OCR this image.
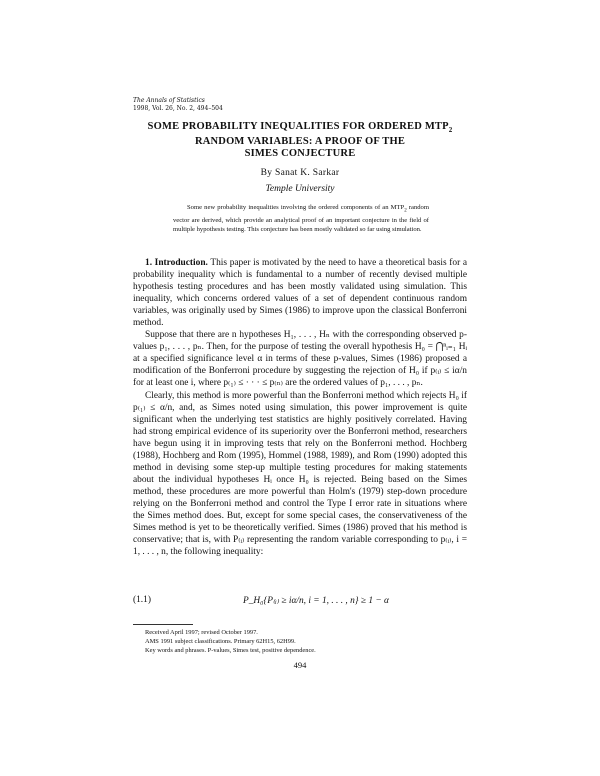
The Annals of Statistics
1998, Vol. 26, No. 2, 494–504
SOME PROBABILITY INEQUALITIES FOR ORDERED $MTP_2$
RANDOM VARIABLES: A PROOF OF THE
SIMES CONJECTURE
By Sanat K. Sarkar
Temple University
Some new probability inequalities involving the ordered components of an $MTP_2$ random vector are derived, which provide an analytical proof of an important conjecture in the field of multiple hypothesis testing. This conjecture has been mostly validated so far using simulation.

1. Introduction. This paper is motivated by the need to have a theoretical basis for a probability inequality which is fundamental to a number of recently devised multiple hypothesis testing procedures and has been mostly validated using simulation. This inequality, which concerns ordered values of a set of dependent continuous random variables, was originally used by Simes (1986) to improve upon the classical Bonferroni method.

Suppose that there are n hypotheses H₁, . . . , Hₙ with the corresponding observed p-values p₁, . . . , pₙ. Then, for the purpose of testing the overall hypothesis H₀ = ⋂ⁿᵢ₌₁ Hᵢ at a specified significance level α in terms of these p-values, Simes (1986) proposed a modification of the Bonferroni procedure by suggesting the rejection of H₀ if p₍ᵢ₎ ≤ iα/n for at least one i, where p₍₁₎ ≤ · · · ≤ p₍ₙ₎ are the ordered values of p₁, . . . , pₙ.

Clearly, this method is more powerful than the Bonferroni method which rejects H₀ if p₍₁₎ ≤ α/n, and, as Simes noted using simulation, this power improvement is quite significant when the underlying test statistics are highly positively correlated. Having had strong empirical evidence of its superiority over the Bonferroni method, researchers have begun using it in improving tests that rely on the Bonferroni method. Hochberg (1988), Hochberg and Rom (1995), Hommel (1988, 1989), and Rom (1990) adopted this method in devising some step-up multiple testing procedures for making statements about the individual hypotheses Hᵢ once H₀ is rejected. Being based on the Simes method, these procedures are more powerful than Holm's (1979) step-down procedure relying on the Bonferroni method and control the Type I error rate in situations where the Simes method does. But, except for some special cases, the conservativeness of the Simes method is yet to be theoretically verified. Simes (1986) proved that his method is conservative; that is, with P₍ᵢ₎ representing the random variable corresponding to p₍ᵢ₎, i = 1, . . . , n, the following inequality:

(1.1)	P_H₀{P₍ᵢ₎ ≥ iα/n, i = 1, . . . , n} ≥ 1 − α
Received April 1997; revised October 1997.
AMS 1991 subject classifications. Primary 62H15, 62H99.
Key words and phrases. P-values, Simes test, positive dependence.
494
